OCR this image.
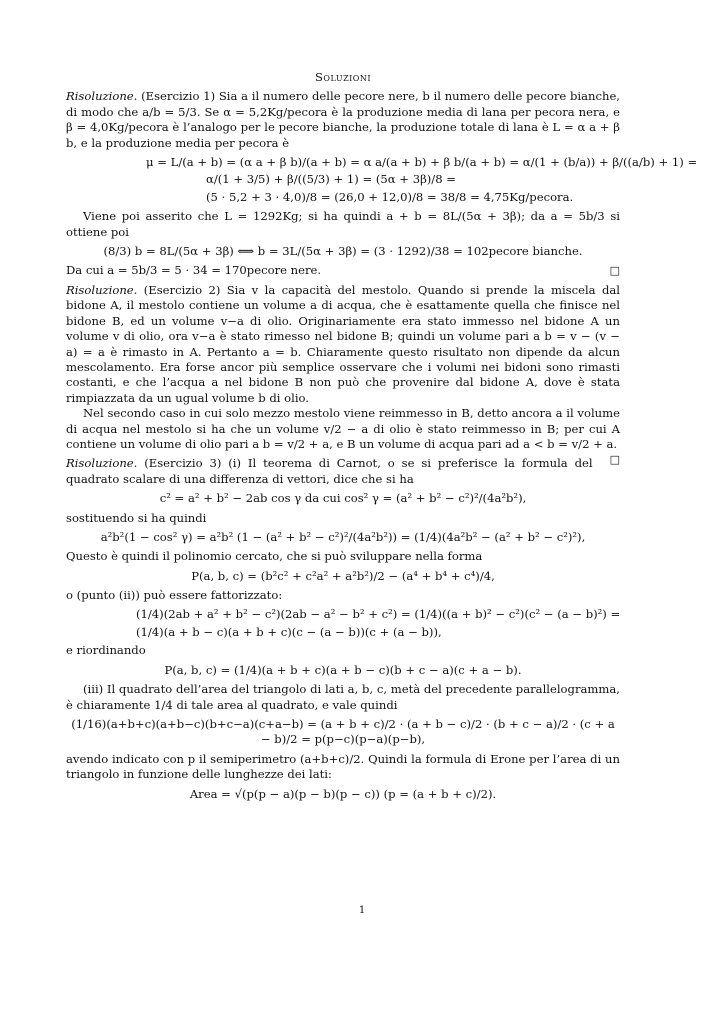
Soluzioni

Risoluzione. (Esercizio 1) Sia a il numero delle pecore nere, b il numero delle pecore bianche, di modo che a/b = 5/3. Se α = 5,2Kg/pecora è la produzione media di lana per pecora nera, e β = 4,0Kg/pecora è l’analogo per le pecore bianche, la produzione totale di lana è L = α a + β b, e la produzione media per pecora è

μ = L/(a + b) = (α a + β b)/(a + b) = α a/(a + b) + β b/(a + b) = α/(1 + (b/a)) + β/((a/b) + 1) =
α/(1 + 3/5) + β/((5/3) + 1) = (5α + 3β)/8 =
(5 · 5,2 + 3 · 4,0)/8 = (26,0 + 12,0)/8 = 38/8 = 4,75Kg/pecora.

Viene poi asserito che L = 1292Kg; si ha quindi a + b = 8L/(5α + 3β); da a = 5b/3 si ottiene poi

(8/3) b = 8L/(5α + 3β) ⟺ b = 3L/(5α + 3β) = (3 · 1292)/38 = 102pecore bianche.

Da cui a = 5b/3 = 5 · 34 = 170pecore nere.	□

Risoluzione. (Esercizio 2) Sia v la capacità del mestolo. Quando si prende la miscela dal bidone A, il mestolo contiene un volume a di acqua, che è esattamente quella che finisce nel bidone B, ed un volume v−a di olio. Originariamente era stato immesso nel bidone A un volume v di olio, ora v−a è stato rimesso nel bidone B; quindi un volume pari a b = v − (v − a) = a è rimasto in A. Pertanto a = b. Chiaramente questo risultato non dipende da alcun mescolamento. Era forse ancor più semplice osservare che i volumi nei bidoni sono rimasti costanti, e che l’acqua a nel bidone B non può che provenire dal bidone A, dove è stata rimpiazzata da un ugual volume b di olio.

Nel secondo caso in cui solo mezzo mestolo viene reimmesso in B, detto ancora a il volume di acqua nel mestolo si ha che un volume v/2 − a di olio è stato reimmesso in B; per cui A contiene un volume di olio pari a b = v/2 + a, e B un volume di acqua pari ad a < b = v/2 + a.
□

Risoluzione. (Esercizio 3) (i) Il teorema di Carnot, o se si preferisce la formula del quadrato scalare di una differenza di vettori, dice che si ha

c² = a² + b² − 2ab cos γ da cui cos² γ = (a² + b² − c²)²/(4a²b²),

sostituendo si ha quindi

a²b²(1 − cos² γ) = a²b² (1 − (a² + b² − c²)²/(4a²b²)) = (1/4)(4a²b² − (a² + b² − c²)²),

Questo è quindi il polinomio cercato, che si può sviluppare nella forma

P(a, b, c) = (b²c² + c²a² + a²b²)/2 − (a⁴ + b⁴ + c⁴)/4,

o (punto (ii)) può essere fattorizzato:

(1/4)(2ab + a² + b² − c²)(2ab − a² − b² + c²) = (1/4)((a + b)² − c²)(c² − (a − b)²) =
(1/4)(a + b − c)(a + b + c)(c − (a − b))(c + (a − b)),

e riordinando

P(a, b, c) = (1/4)(a + b + c)(a + b − c)(b + c − a)(c + a − b).

(iii) Il quadrato dell’area del triangolo di lati a, b, c, metà del precedente parallelogramma, è chiaramente 1/4 di tale area al quadrato, e vale quindi

(1/16)(a+b+c)(a+b−c)(b+c−a)(c+a−b) = (a + b + c)/2 · (a + b − c)/2 · (b + c − a)/2 · (c + a − b)/2 = p(p−c)(p−a)(p−b),

avendo indicato con p il semiperimetro (a+b+c)/2. Quindi la formula di Erone per l’area di un triangolo in funzione delle lunghezze dei lati:

Area = √(p(p − a)(p − b)(p − c)) (p = (a + b + c)/2).
1
